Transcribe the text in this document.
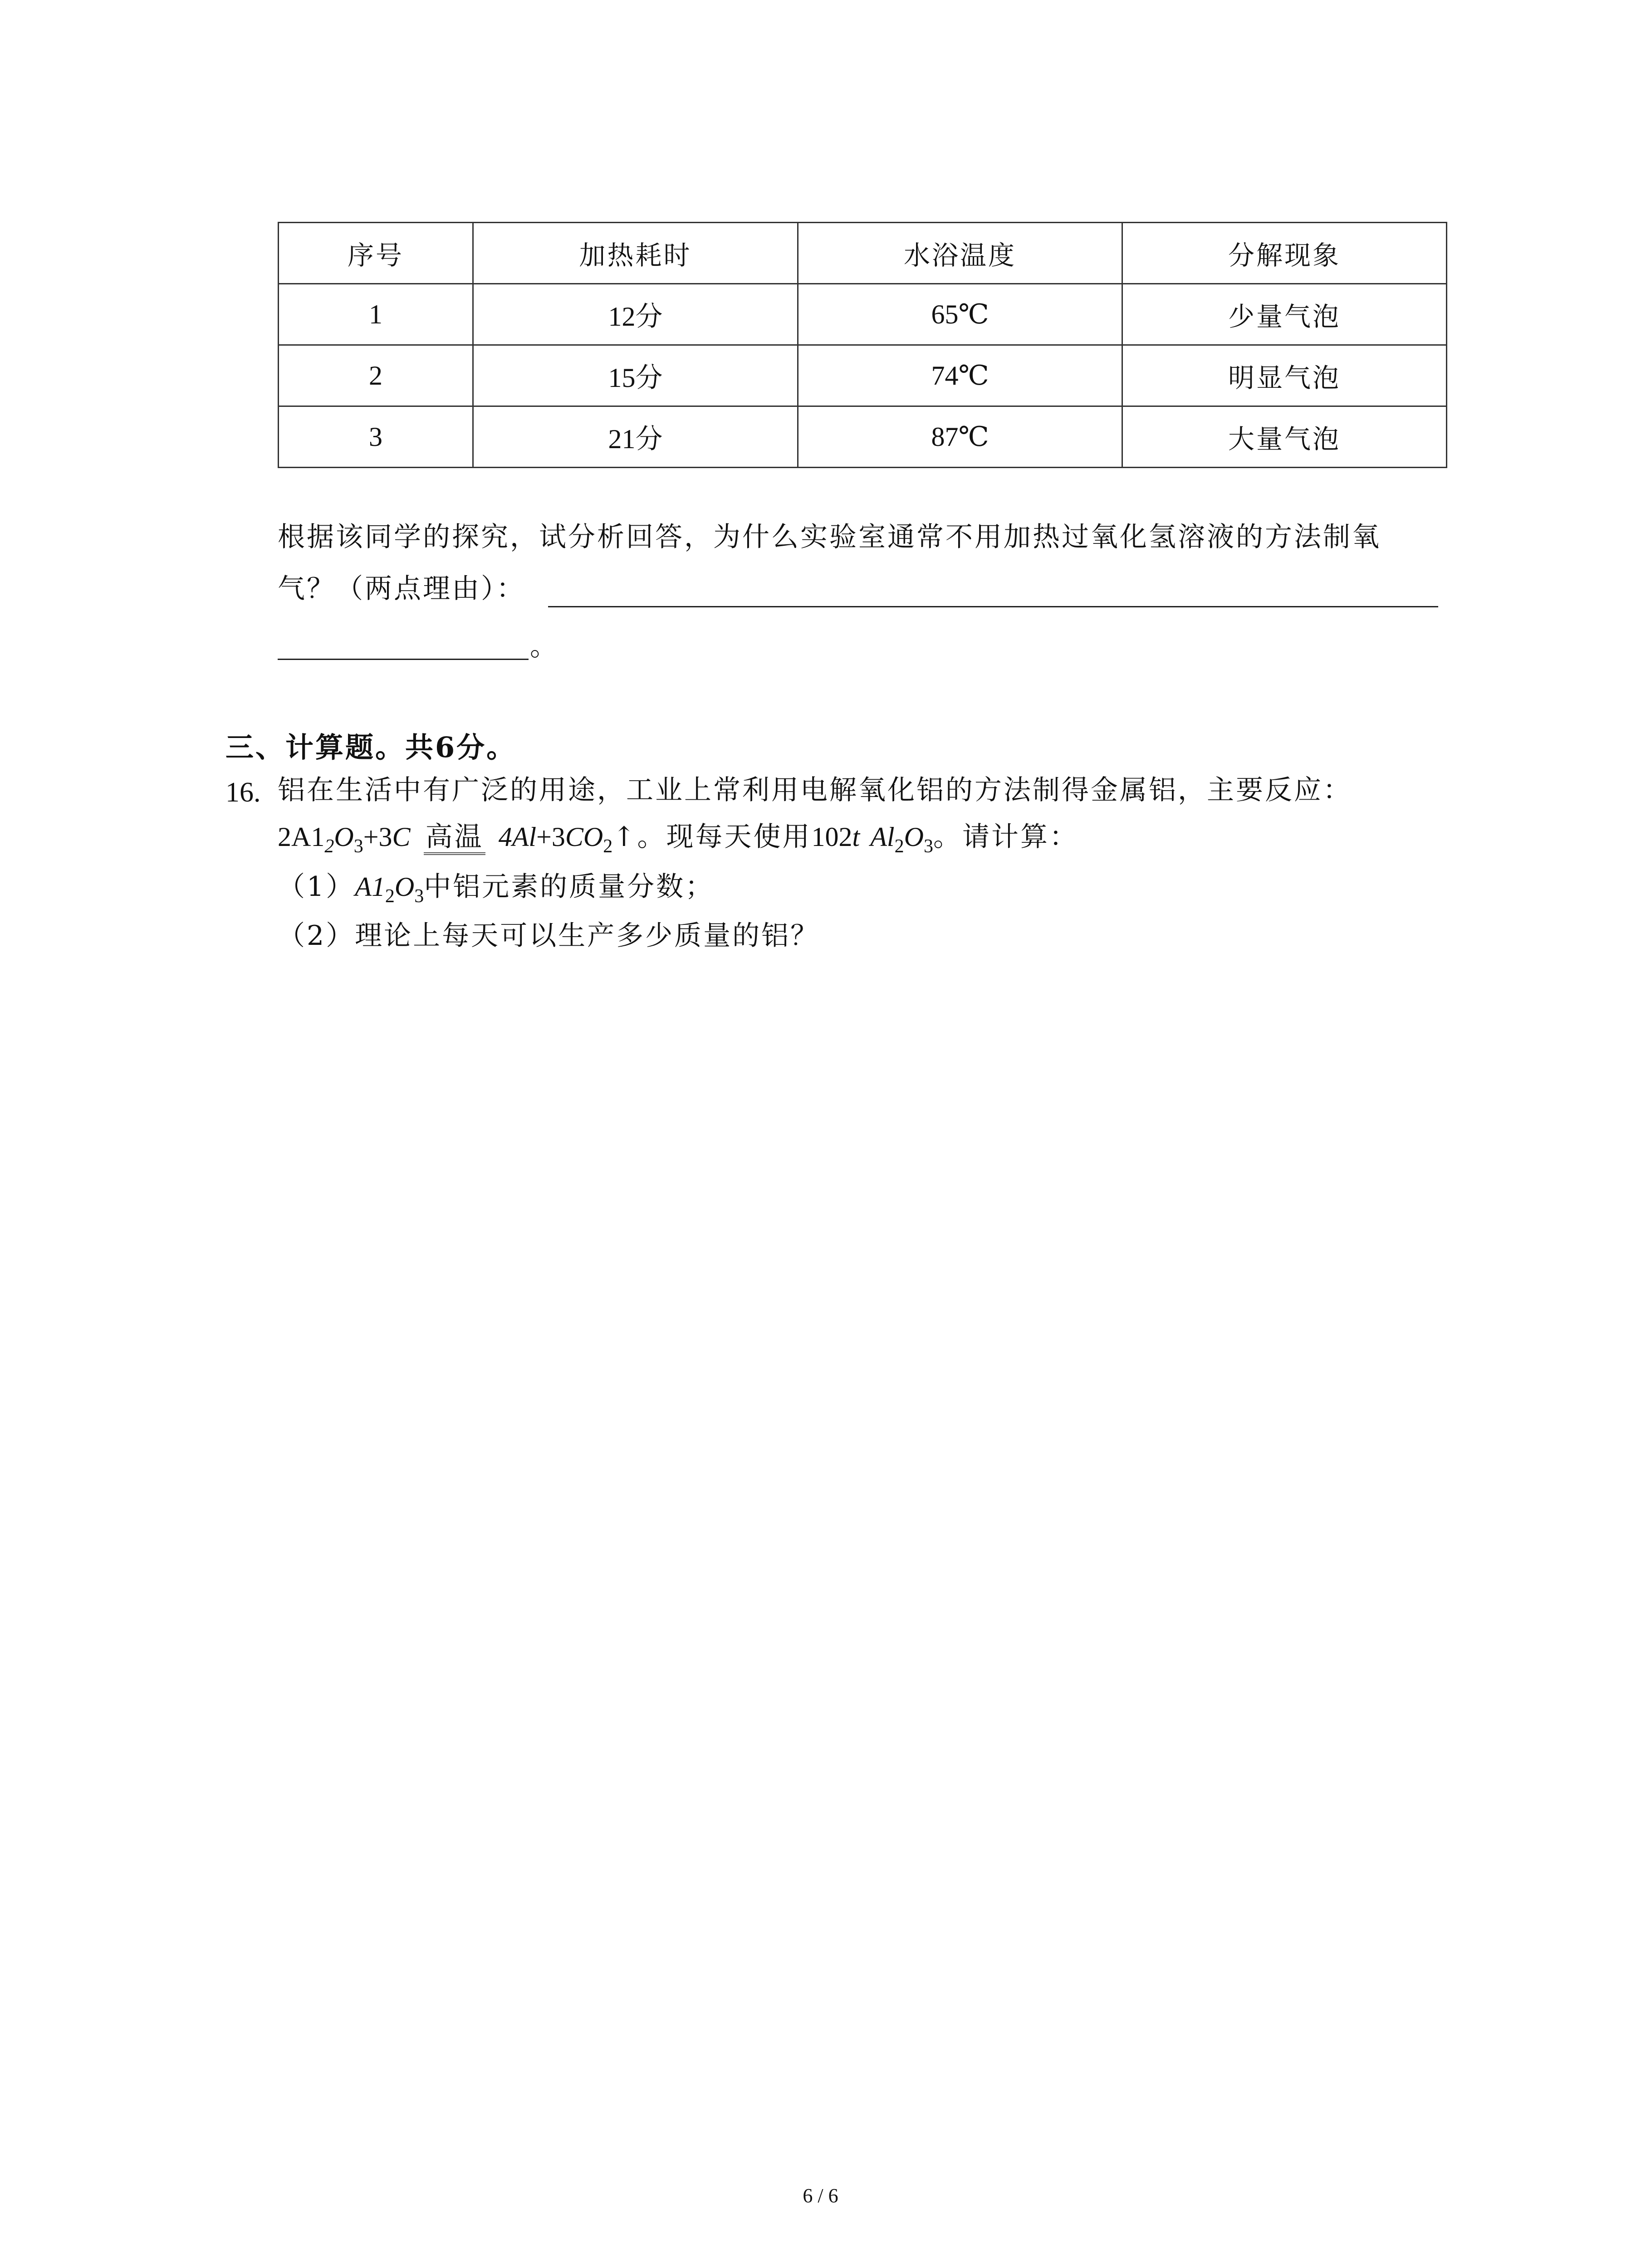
序号	加热耗时	水浴温度	分解现象
1	12分	65℃	少量气泡
2	15分	74℃	明显气泡
3	21分	87℃	大量气泡
根据该同学的探究，试分析回答，为什么实验室通常不用加热过氧化氢溶液的方法制氧
气？（两点理由）：
。
三、计算题。共6分。
16. 铝在生活中有广泛的用途，工业上常利用电解氧化铝的方法制得金属铝，主要反应：
$2A1_2O_3+3C$ 高温 $4Al+3CO_2↑$。现每天使用102t $Al_2O_3$。请计算：
$(1)A1_2O_3$中铝元素的质量分数；
（2）理论上每天可以生产多少质量的铝？
6 / 6
